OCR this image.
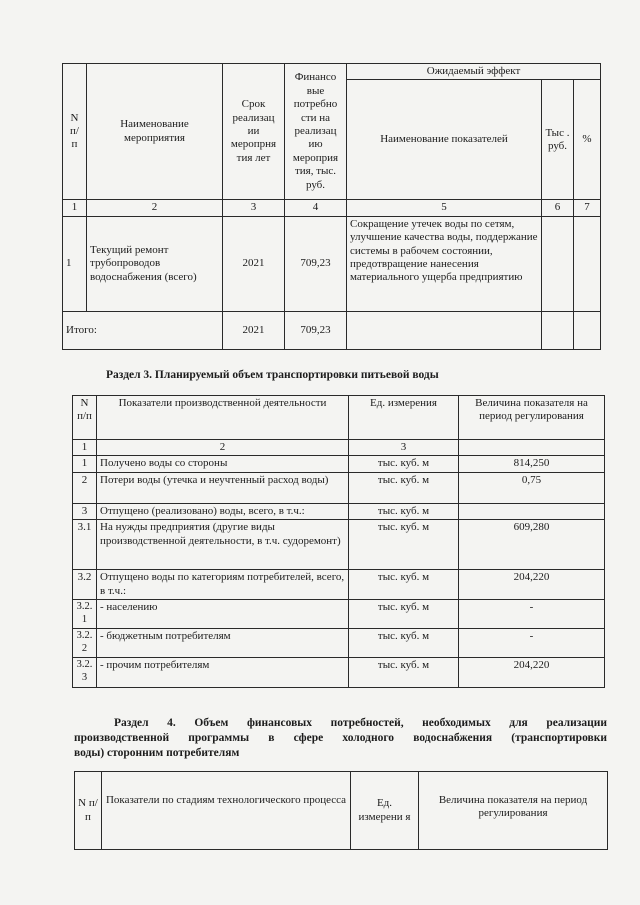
N п/ п	Наименование мероприятия	Срок реализац ии меропрня тия лет	Финансо вые потребно сти на реализац ию мероприя тия, тыс. руб.	Ожидаемый эффект		
				Наименование показателей	Тыс . руб.	%
1	2	3	4	5	6	7
1	Текущий ремонт трубопроводов водоснабжения (всего)	2021	709,23	Сокращение утечек воды по сетям, улучшение качества воды, поддержание системы в рабочем состоянии, предотвращение нанесения материального ущерба предприятию		
Итого:		2021	709,23			
Раздел 3. Планируемый объем транспортировки питьевой воды
N п/п	Показатели производственной деятельности	Ед. измерения	Величина показателя на период регулирования
1	2	3	
1	Получено воды со стороны	тыс. куб. м	814,250
2	Потери воды (утечка и неучтенный расход воды)	тыс. куб. м	0,75
3	Отпущено (реализовано) воды, всего, в т.ч.:	тыс. куб. м	
3.1	На нужды предприятия (другие виды производственной деятельности, в т.ч. судоремонт)	тыс. куб. м	609,280
3.2	Отпущено воды по категориям потребителей, всего, в т.ч.:	тыс. куб. м	204,220
3.2. 1	- населению	тыс. куб. м	-
3.2. 2	- бюджетным потребителям	тыс. куб. м	-
3.2. 3	- прочим потребителям	тыс. куб. м	204,220
Раздел 4. Объем финансовых потребностей, необходимых для реализации
производственной программы в сфере холодного водоснабжения (транспортировки
воды) сторонним потребителям
N п/п	Показатели по стадиям технологического процесса	Ед. измерени я	Величина показателя на период регулирования
